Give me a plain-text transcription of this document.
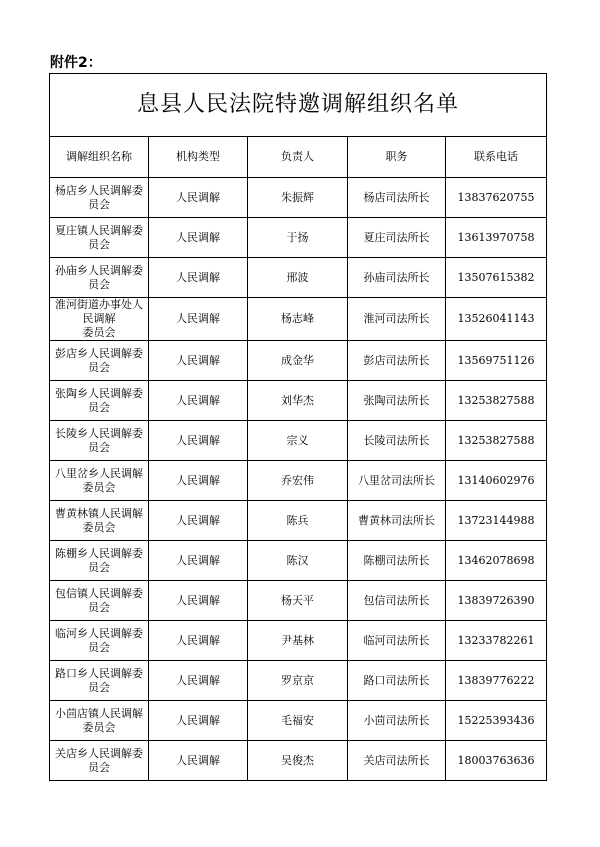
附件2：
息县人民法院特邀调解组织名单				
调解组织名称	机构类型	负责人	职务	联系电话

杨店乡人民调解委
员会	人民调解	朱振辉	杨店司法所长	13837620755

夏庄镇人民调解委
员会	人民调解	于扬	夏庄司法所长	13613970758

孙庙乡人民调解委
员会	人民调解	邢波	孙庙司法所长	13507615382

淮河街道办事处人
民调解
委员会	人民调解	杨志峰	淮河司法所长	13526041143

彭店乡人民调解委
员会	人民调解	成金华	彭店司法所长	13569751126

张陶乡人民调解委
员会	人民调解	刘华杰	张陶司法所长	13253827588

长陵乡人民调解委
员会	人民调解	宗义	长陵司法所长	13253827588

八里岔乡人民调解
委员会	人民调解	乔宏伟	八里岔司法所长	13140602976

曹黄林镇人民调解
委员会	人民调解	陈兵	曹黄林司法所长	13723144988

陈棚乡人民调解委
员会	人民调解	陈汉	陈棚司法所长	13462078698

包信镇人民调解委
员会	人民调解	杨天平	包信司法所长	13839726390

临河乡人民调解委
员会	人民调解	尹基林	临河司法所长	13233782261

路口乡人民调解委
员会	人民调解	罗京京	路口司法所长	13839776222

小茴店镇人民调解
委员会	人民调解	毛福安	小茴司法所长	15225393436

关店乡人民调解委
员会	人民调解	吴俊杰	关店司法所长	18003763636
